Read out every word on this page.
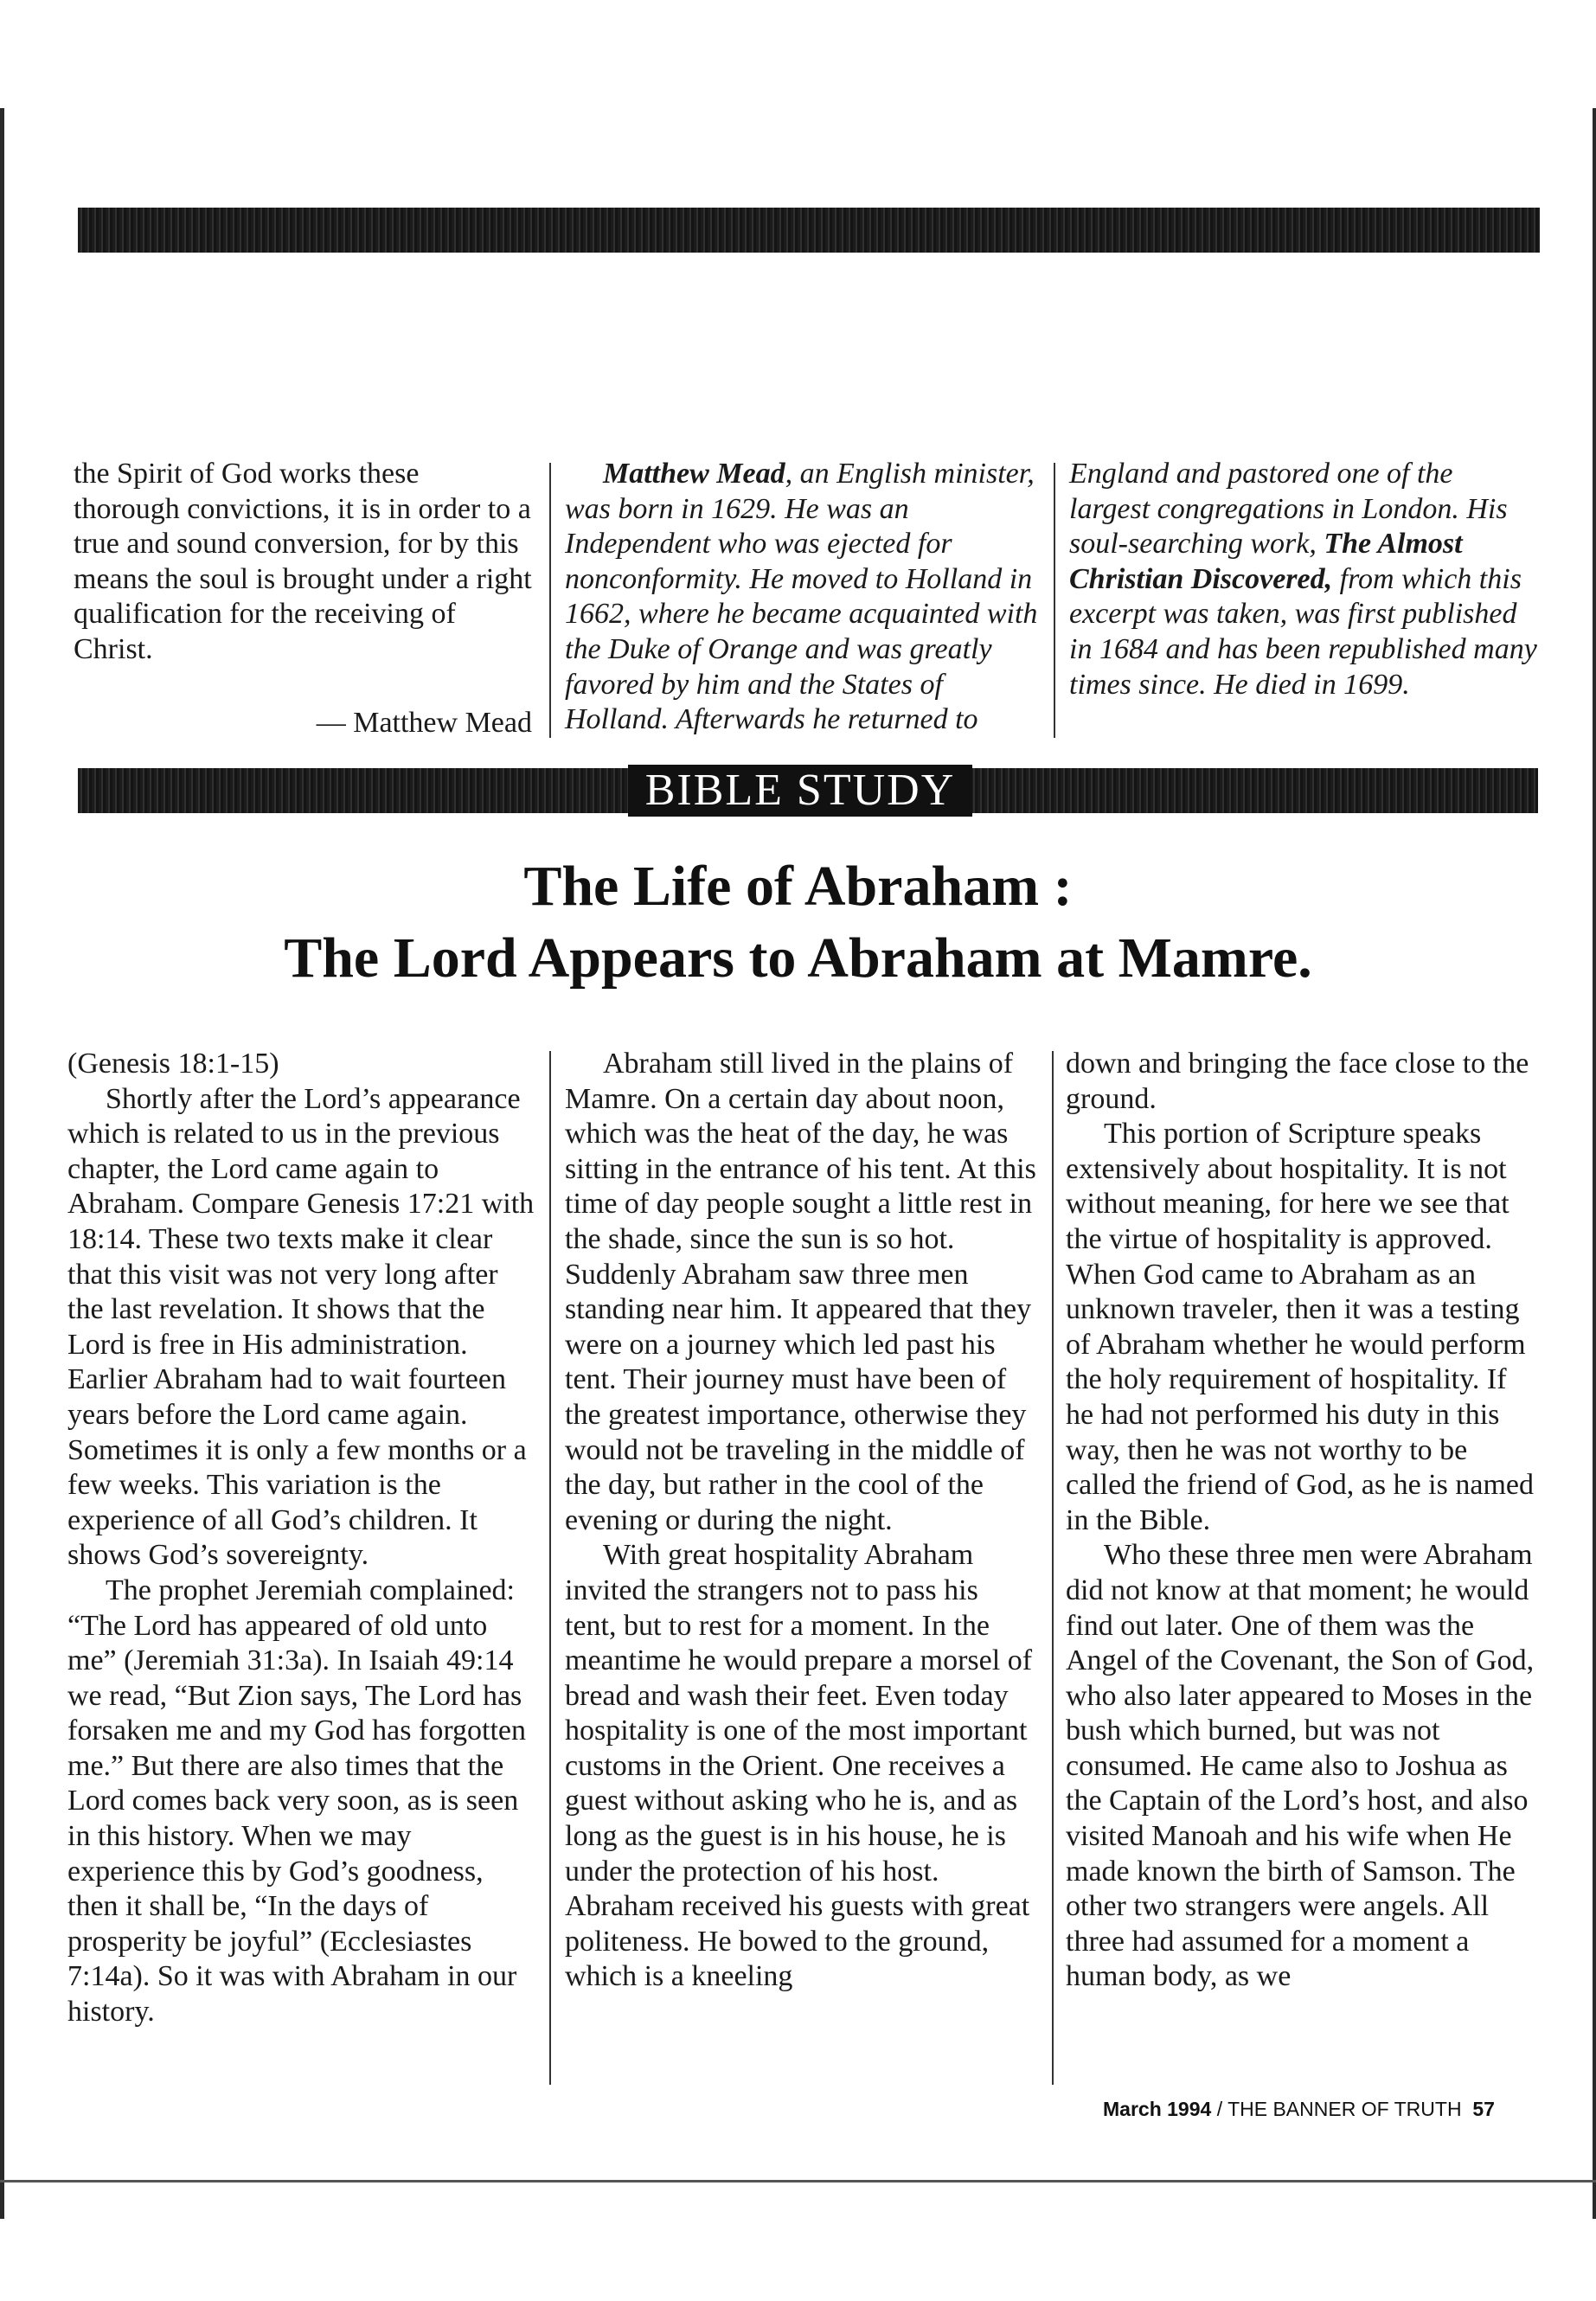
the Spirit of God works these thorough convictions, it is in order to a true and sound conversion, for by this means the soul is brought under a right qualification for the receiving of Christ.

— Matthew Mead

Matthew Mead, an English minister, was born in 1629. He was an Independent who was ejected for nonconformity. He moved to Holland in 1662, where he became acquainted with the Duke of Orange and was greatly favored by him and the States of Holland. Afterwards he returned to

England and pastored one of the largest congregations in London. His soul-searching work, The Almost Christian Discovered, from which this excerpt was taken, was first published in 1684 and has been republished many times since. He died in 1699.

BIBLE STUDY
The Life of Abraham :
The Lord Appears to Abraham at Mamre.

(Genesis 18:1-15)

Shortly after the Lord’s appearance which is related to us in the previous chapter, the Lord came again to Abraham. Compare Genesis 17:21 with 18:14. These two texts make it clear that this visit was not very long after the last revelation. It shows that the Lord is free in His administration. Earlier Abraham had to wait fourteen years before the Lord came again. Sometimes it is only a few months or a few weeks. This variation is the experience of all God’s children. It shows God’s sovereignty.

The prophet Jeremiah complained: “The Lord has appeared of old unto me” (Jeremiah 31:3a). In Isaiah 49:14 we read, “But Zion says, The Lord has forsaken me and my God has forgotten me.” But there are also times that the Lord comes back very soon, as is seen in this history. When we may experience this by God’s goodness, then it shall be, “In the days of prosperity be joyful” (Ecclesiastes 7:14a). So it was with Abraham in our history.

Abraham still lived in the plains of Mamre. On a certain day about noon, which was the heat of the day, he was sitting in the entrance of his tent. At this time of day people sought a little rest in the shade, since the sun is so hot. Suddenly Abraham saw three men standing near him. It appeared that they were on a journey which led past his tent. Their journey must have been of the greatest importance, otherwise they would not be traveling in the middle of the day, but rather in the cool of the evening or during the night.

With great hospitality Abraham invited the strangers not to pass his tent, but to rest for a moment. In the meantime he would prepare a morsel of bread and wash their feet. Even today hospitality is one of the most important customs in the Orient. One receives a guest without asking who he is, and as long as the guest is in his house, he is under the protection of his host. Abraham received his guests with great politeness. He bowed to the ground, which is a kneeling

down and bringing the face close to the ground.

This portion of Scripture speaks extensively about hospitality. It is not without meaning, for here we see that the virtue of hospitality is approved. When God came to Abraham as an unknown traveler, then it was a testing of Abraham whether he would perform the holy requirement of hospitality. If he had not performed his duty in this way, then he was not worthy to be called the friend of God, as he is named in the Bible.

Who these three men were Abraham did not know at that moment; he would find out later. One of them was the Angel of the Covenant, the Son of God, who also later appeared to Moses in the bush which burned, but was not consumed. He came also to Joshua as the Captain of the Lord’s host, and also visited Manoah and his wife when He made known the birth of Samson. The other two strangers were angels. All three had assumed for a moment a human body, as we

March 1994 / THE BANNER OF TRUTH 57
